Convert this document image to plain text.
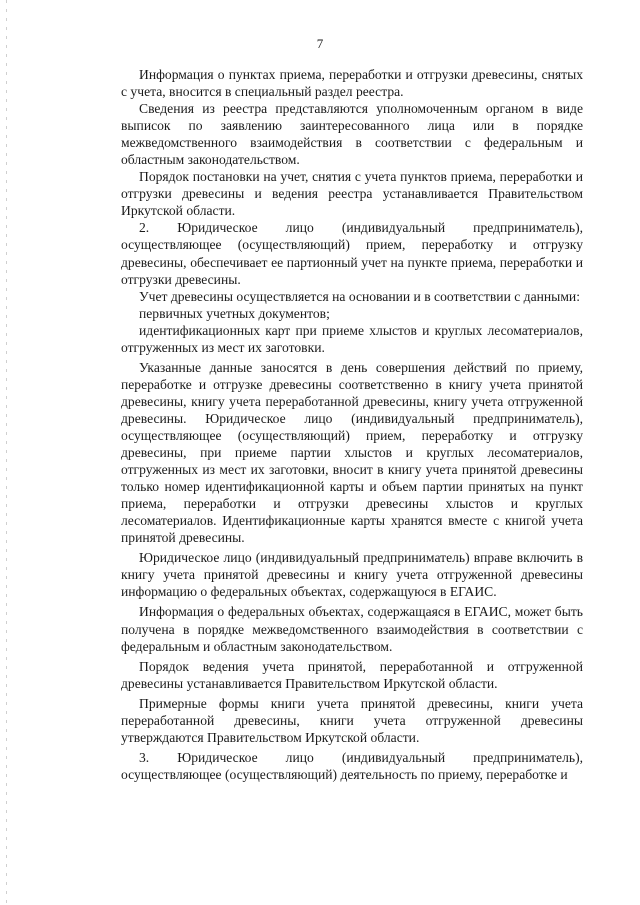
7

Информация о пунктах приема, переработки и отгрузки древесины, снятых с учета, вносится в специальный раздел реестра.

Сведения из реестра представляются уполномоченным органом в виде выписок по заявлению заинтересованного лица или в порядке межведомственного взаимодействия в соответствии с федеральным и областным законодательством.

Порядок постановки на учет, снятия с учета пунктов приема, переработки и отгрузки древесины и ведения реестра устанавливается Правительством Иркутской области.

2. Юридическое лицо (индивидуальный предприниматель), осуществляющее (осуществляющий) прием, переработку и отгрузку древесины, обеспечивает ее партионный учет на пункте приема, переработки и отгрузки древесины.

Учет древесины осуществляется на основании и в соответствии с данными:

первичных учетных документов;

идентификационных карт при приеме хлыстов и круглых лесоматериалов, отгруженных из мест их заготовки.

Указанные данные заносятся в день совершения действий по приему, переработке и отгрузке древесины соответственно в книгу учета принятой древесины, книгу учета переработанной древесины, книгу учета отгруженной древесины. Юридическое лицо (индивидуальный предприниматель), осуществляющее (осуществляющий) прием, переработку и отгрузку древесины, при приеме партии хлыстов и круглых лесоматериалов, отгруженных из мест их заготовки, вносит в книгу учета принятой древесины только номер идентификационной карты и объем партии принятых на пункт приема, переработки и отгрузки древесины хлыстов и круглых лесоматериалов. Идентификационные карты хранятся вместе с книгой учета принятой древесины.

Юридическое лицо (индивидуальный предприниматель) вправе включить в книгу учета принятой древесины и книгу учета отгруженной древесины информацию о федеральных объектах, содержащуюся в ЕГАИС.

Информация о федеральных объектах, содержащаяся в ЕГАИС, может быть получена в порядке межведомственного взаимодействия в соответствии с федеральным и областным законодательством.

Порядок ведения учета принятой, переработанной и отгруженной древесины устанавливается Правительством Иркутской области.

Примерные формы книги учета принятой древесины, книги учета переработанной древесины, книги учета отгруженной древесины утверждаются Правительством Иркутской области.

3. Юридическое лицо (индивидуальный предприниматель), осуществляющее (осуществляющий) деятельность по приему, переработке и
